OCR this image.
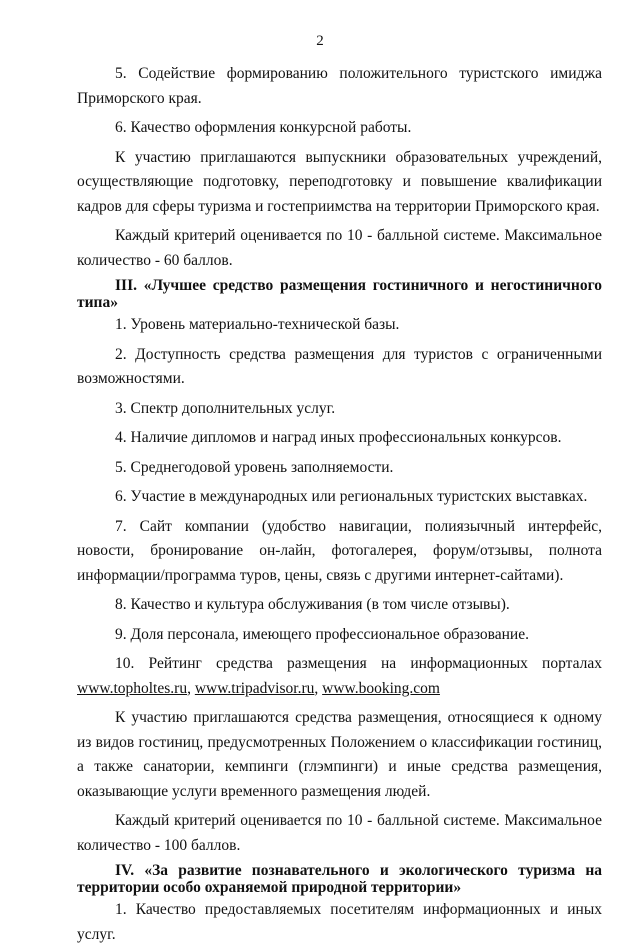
2

5. Содействие формированию положительного туристского имиджа Приморского края.

6. Качество оформления конкурсной работы.

К участию приглашаются выпускники образовательных учреждений, осуществляющие подготовку, переподготовку и повышение квалификации кадров для сферы туризма и гостеприимства на территории Приморского края.

Каждый критерий оценивается по 10 - балльной системе. Максимальное количество - 60 баллов.

III. «Лучшее средство размещения гостиничного и негостиничного типа»

1. Уровень материально-технической базы.

2. Доступность средства размещения для туристов с ограниченными возможностями.

3. Спектр дополнительных услуг.

4. Наличие дипломов и наград иных профессиональных конкурсов.

5. Среднегодовой уровень заполняемости.

6. Участие в международных или региональных туристских выставках.

7. Сайт компании (удобство навигации, полиязычный интерфейс, новости, бронирование он-лайн, фотогалерея, форум/отзывы, полнота информации/программа туров, цены, связь с другими интернет-сайтами).

8. Качество и культура обслуживания (в том числе отзывы).

9. Доля персонала, имеющего профессиональное образование.

10. Рейтинг средства размещения на информационных порталах www.topholtes.ru, www.tripadvisor.ru, www.booking.com

К участию приглашаются средства размещения, относящиеся к одному из видов гостиниц, предусмотренных Положением о классификации гостиниц, а также санатории, кемпинги (глэмпинги) и иные средства размещения, оказывающие услуги временного размещения людей.

Каждый критерий оценивается по 10 - балльной системе. Максимальное количество - 100 баллов.

IV. «За развитие познавательного и экологического туризма на территории особо охраняемой природной территории»

1. Качество предоставляемых посетителям информационных и иных услуг.
